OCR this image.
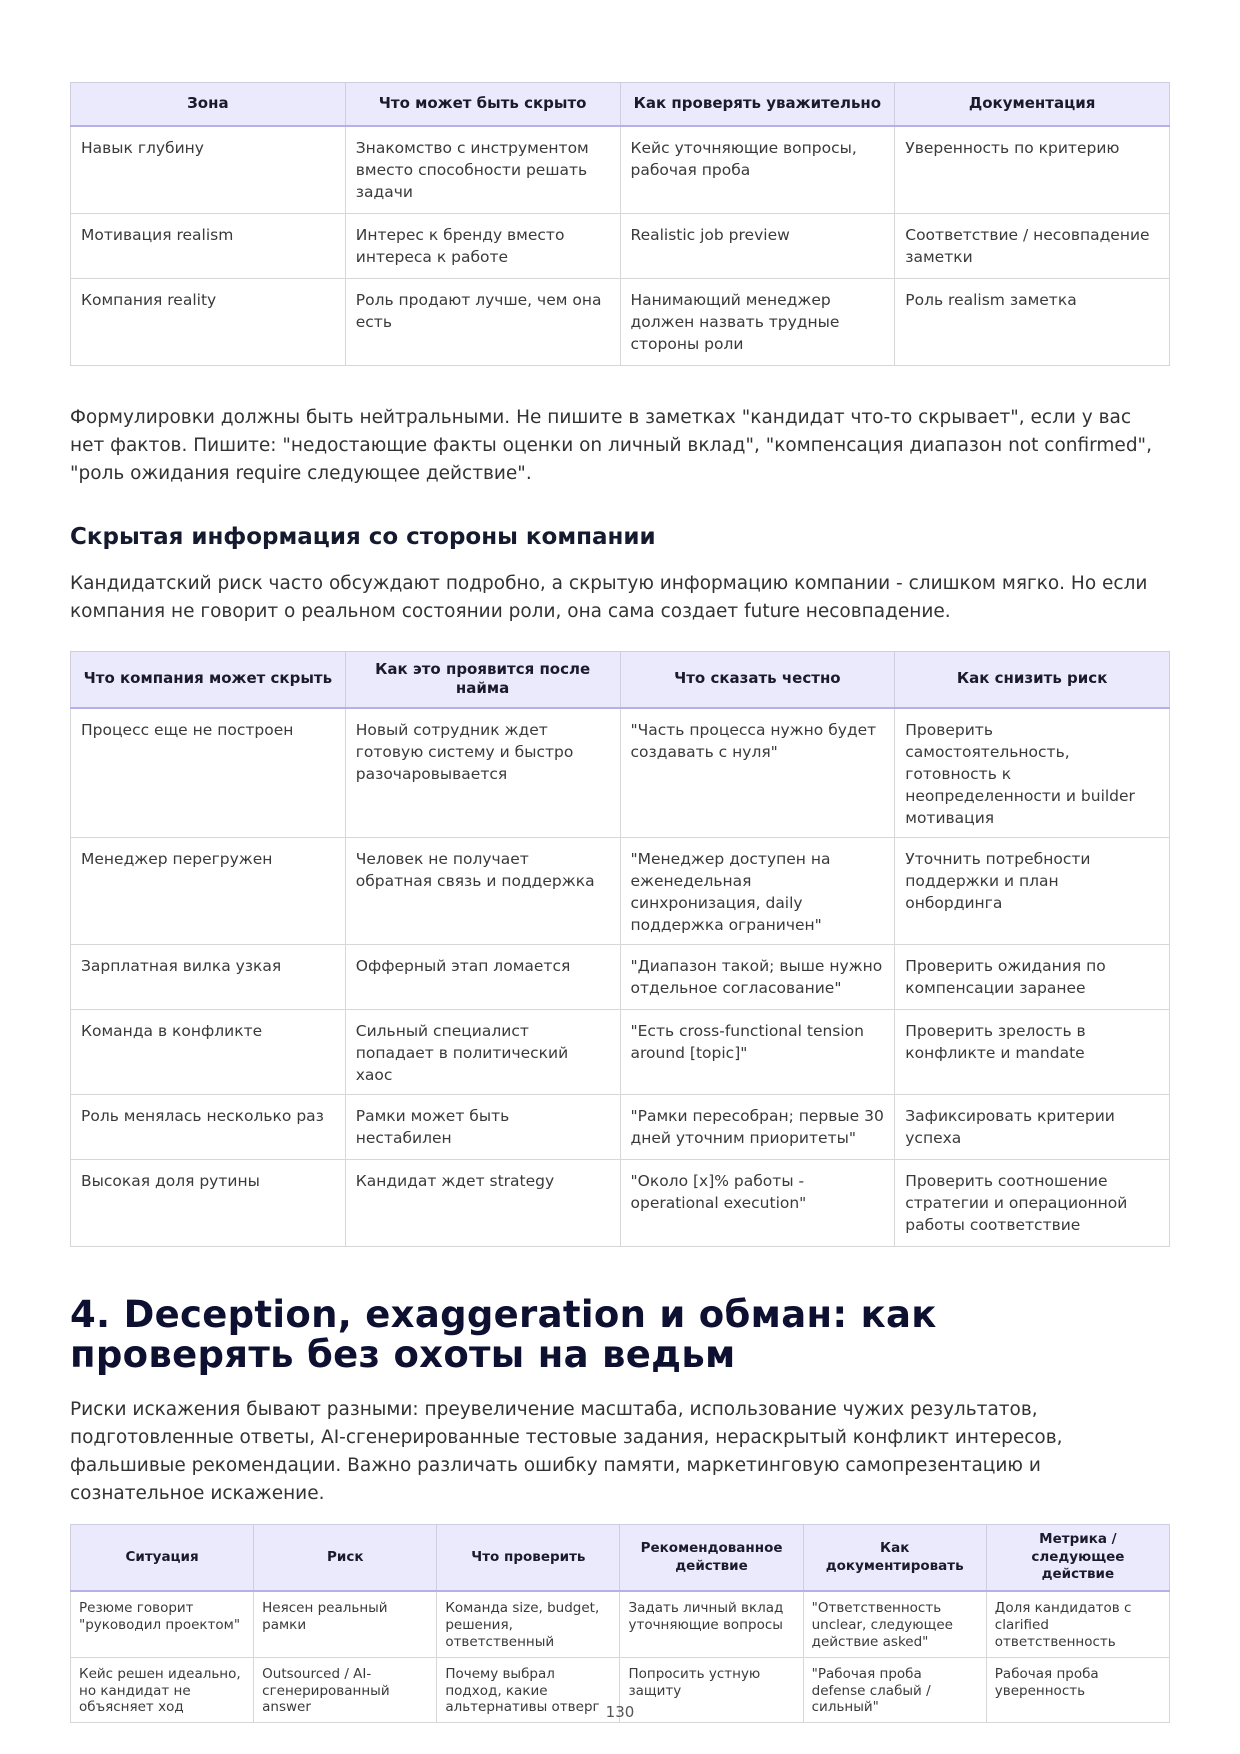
Зона	Что может быть скрыто	Как проверять уважительно	Документация
Навык глубину	Знакомство с инструментом вместо способности решать задачи	Кейс уточняющие вопросы, рабочая проба	Уверенность по критерию
Мотивация realism	Интерес к бренду вместо интереса к работе	Realistic job preview	Соответствие / несовпадение заметки
Компания reality	Роль продают лучше, чем она есть	Нанимающий менеджер должен назвать трудные стороны роли	Роль realism заметка

Формулировки должны быть нейтральными. Не пишите в заметках "кандидат что-то скрывает", если у вас нет фактов. Пишите: "недостающие факты оценки on личный вклад", "компенсация диапазон not confirmed", "роль ожидания require следующее действие".

Скрытая информация со стороны компании

Кандидатский риск часто обсуждают подробно, а скрытую информацию компании - слишком мягко. Но если компания не говорит о реальном состоянии роли, она сама создает future несовпадение.

Что компания может скрыть	Как это проявится после найма	Что сказать честно	Как снизить риск
Процесс еще не построен	Новый сотрудник ждет готовую систему и быстро разочаровывается	"Часть процесса нужно будет создавать с нуля"	Проверить самостоятельность, готовность к неопределенности и builder мотивация
Менеджер перегружен	Человек не получает обратная связь и поддержка	"Менеджер доступен на еженедельная синхронизация, daily поддержка ограничен"	Уточнить потребности поддержки и план онбординга
Зарплатная вилка узкая	Офферный этап ломается	"Диапазон такой; выше нужно отдельное согласование"	Проверить ожидания по компенсации заранее
Команда в конфликте	Сильный специалист попадает в политический хаос	"Есть cross-functional tension around [topic]"	Проверить зрелость в конфликте и mandate
Роль менялась несколько раз	Рамки может быть нестабилен	"Рамки пересобран; первые 30 дней уточним приоритеты"	Зафиксировать критерии успеха
Высокая доля рутины	Кандидат ждет strategy	"Около [x]% работы - operational execution"	Проверить соотношение стратегии и операционной работы соответствие
4. Deception, exaggeration и обман: как проверять без охоты на ведьм

Риски искажения бывают разными: преувеличение масштаба, использование чужих результатов, подготовленные ответы, AI-сгенерированные тестовые задания, нераскрытый конфликт интересов, фальшивые рекомендации. Важно различать ошибку памяти, маркетинговую самопрезентацию и сознательное искажение.

Ситуация	Риск	Что проверить	Рекомендованное действие	Как документировать	Метрика / следующее действие
Резюме говорит "руководил проектом"	Неясен реальный рамки	Команда size, budget, решения, ответственный	Задать личный вклад уточняющие вопросы	"Ответственность unclear, следующее действие asked"	Доля кандидатов с clarified ответственность
Кейс решен идеально, но кандидат не объясняет ход	Outsourced / AI-сгенерированный answer	Почему выбрал подход, какие альтернативы отверг	Попросить устную защиту	"Рабочая проба defense слабый / сильный"	Рабочая проба уверенность
130
